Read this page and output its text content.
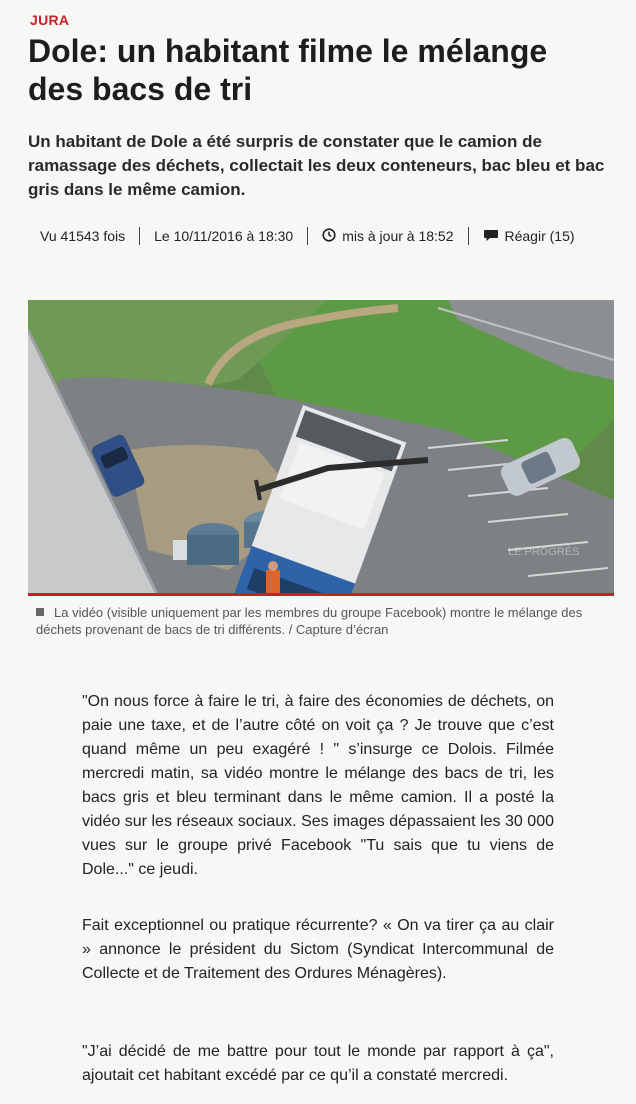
JURA
Dole: un habitant filme le mélange des bacs de tri

Un habitant de Dole a été surpris de constater que le camion de ramassage des déchets, collectait les deux conteneurs, bac bleu et bac gris dans le même camion.

Vu 41543 fois Le 10/11/2016 à 18:30	mis à jour à 18:52	Réagir (15)
LE PROGRÈS

La vidéo (visible uniquement par les membres du groupe Facebook) montre le mélange des déchets provenant de bacs de tri différents. / Capture d’écran

"On nous force à faire le tri, à faire des économies de déchets, on paie une taxe, et de l’autre côté on voit ça ? Je trouve que c’est quand même un peu exagéré ! " s’insurge ce Dolois. Filmée mercredi matin, sa vidéo montre le mélange des bacs de tri, les bacs gris et bleu terminant dans le même camion. Il a posté la vidéo sur les réseaux sociaux. Ses images dépassaient les 30 000 vues sur le groupe privé Facebook "Tu sais que tu viens de Dole..." ce jeudi.

Fait exceptionnel ou pratique récurrente? « On va tirer ça au clair » annonce le président du Sictom (Syndicat Intercommunal de Collecte et de Traitement des Ordures Ménagères).

"J’ai décidé de me battre pour tout le monde par rapport à ça", ajoutait cet habitant excédé par ce qu’il a constaté mercredi.
